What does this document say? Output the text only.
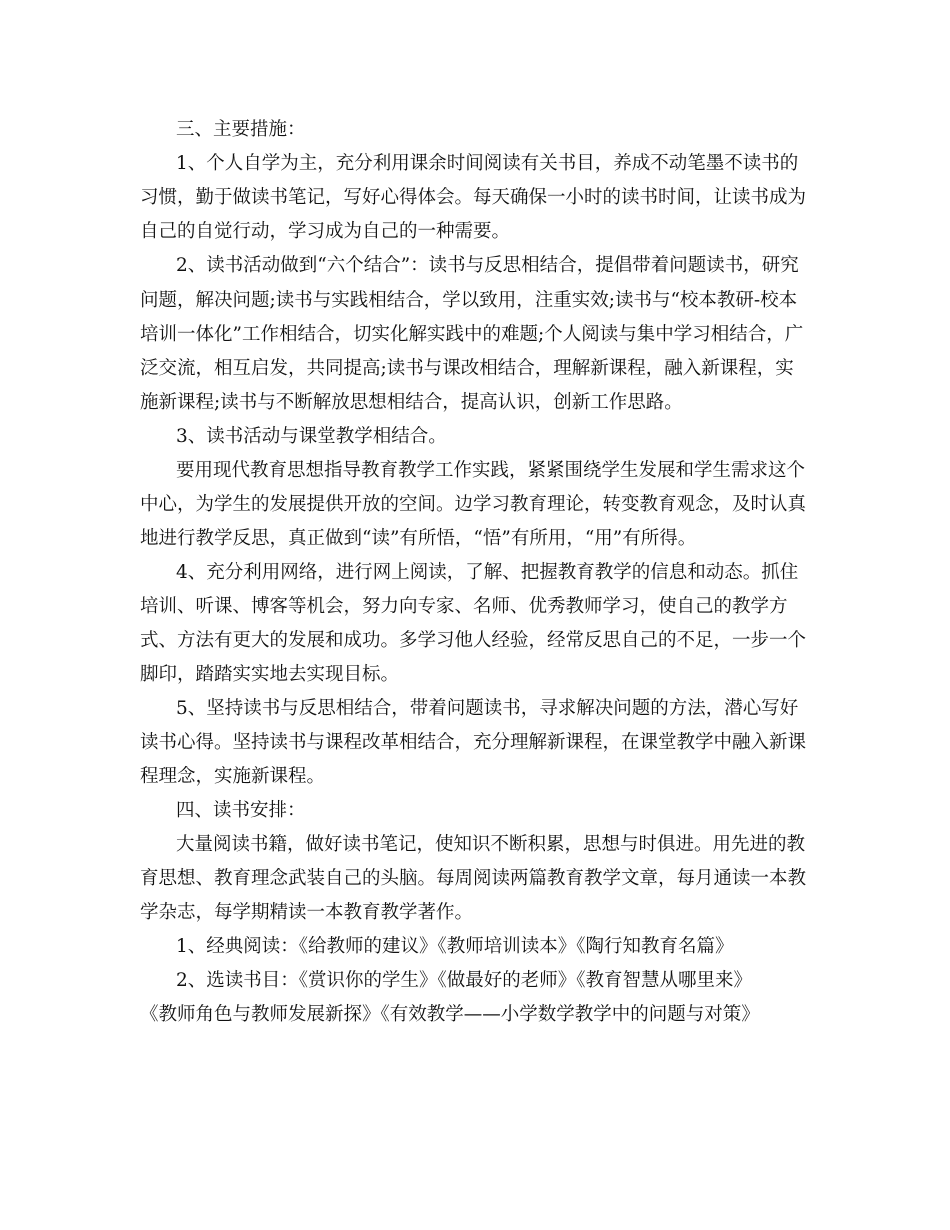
三、主要措施：
1、个人自学为主，充分利用课余时间阅读有关书目，养成不动笔墨不读书的
习惯，勤于做读书笔记，写好心得体会。每天确保一小时的读书时间，让读书成为
自己的自觉行动，学习成为自己的一种需要。
2、读书活动做到“六个结合”：读书与反思相结合，提倡带着问题读书，研究
问题，解决问题;读书与实践相结合，学以致用，注重实效;读书与“校本教研-校本
培训一体化”工作相结合，切实化解实践中的难题;个人阅读与集中学习相结合，广
泛交流，相互启发，共同提高;读书与课改相结合，理解新课程，融入新课程，实
施新课程;读书与不断解放思想相结合，提高认识，创新工作思路。
3、读书活动与课堂教学相结合。
要用现代教育思想指导教育教学工作实践，紧紧围绕学生发展和学生需求这个
中心，为学生的发展提供开放的空间。边学习教育理论，转变教育观念，及时认真
地进行教学反思，真正做到“读”有所悟，“悟”有所用，“用”有所得。
4、充分利用网络，进行网上阅读，了解、把握教育教学的信息和动态。抓住
培训、听课、博客等机会，努力向专家、名师、优秀教师学习，使自己的教学方
式、方法有更大的发展和成功。多学习他人经验，经常反思自己的不足，一步一个
脚印，踏踏实实地去实现目标。
5、坚持读书与反思相结合，带着问题读书，寻求解决问题的方法，潜心写好
读书心得。坚持读书与课程改革相结合，充分理解新课程，在课堂教学中融入新课
程理念，实施新课程。
四、读书安排：
大量阅读书籍，做好读书笔记，使知识不断积累，思想与时俱进。用先进的教
育思想、教育理念武装自己的头脑。每周阅读两篇教育教学文章，每月通读一本教
学杂志，每学期精读一本教育教学著作。
1、经典阅读：《给教师的建议》《教师培训读本》《陶行知教育名篇》
2、选读书目：《赏识你的学生》《做最好的老师》《教育智慧从哪里来》
《教师角色与教师发展新探》《有效教学——小学数学教学中的问题与对策》
